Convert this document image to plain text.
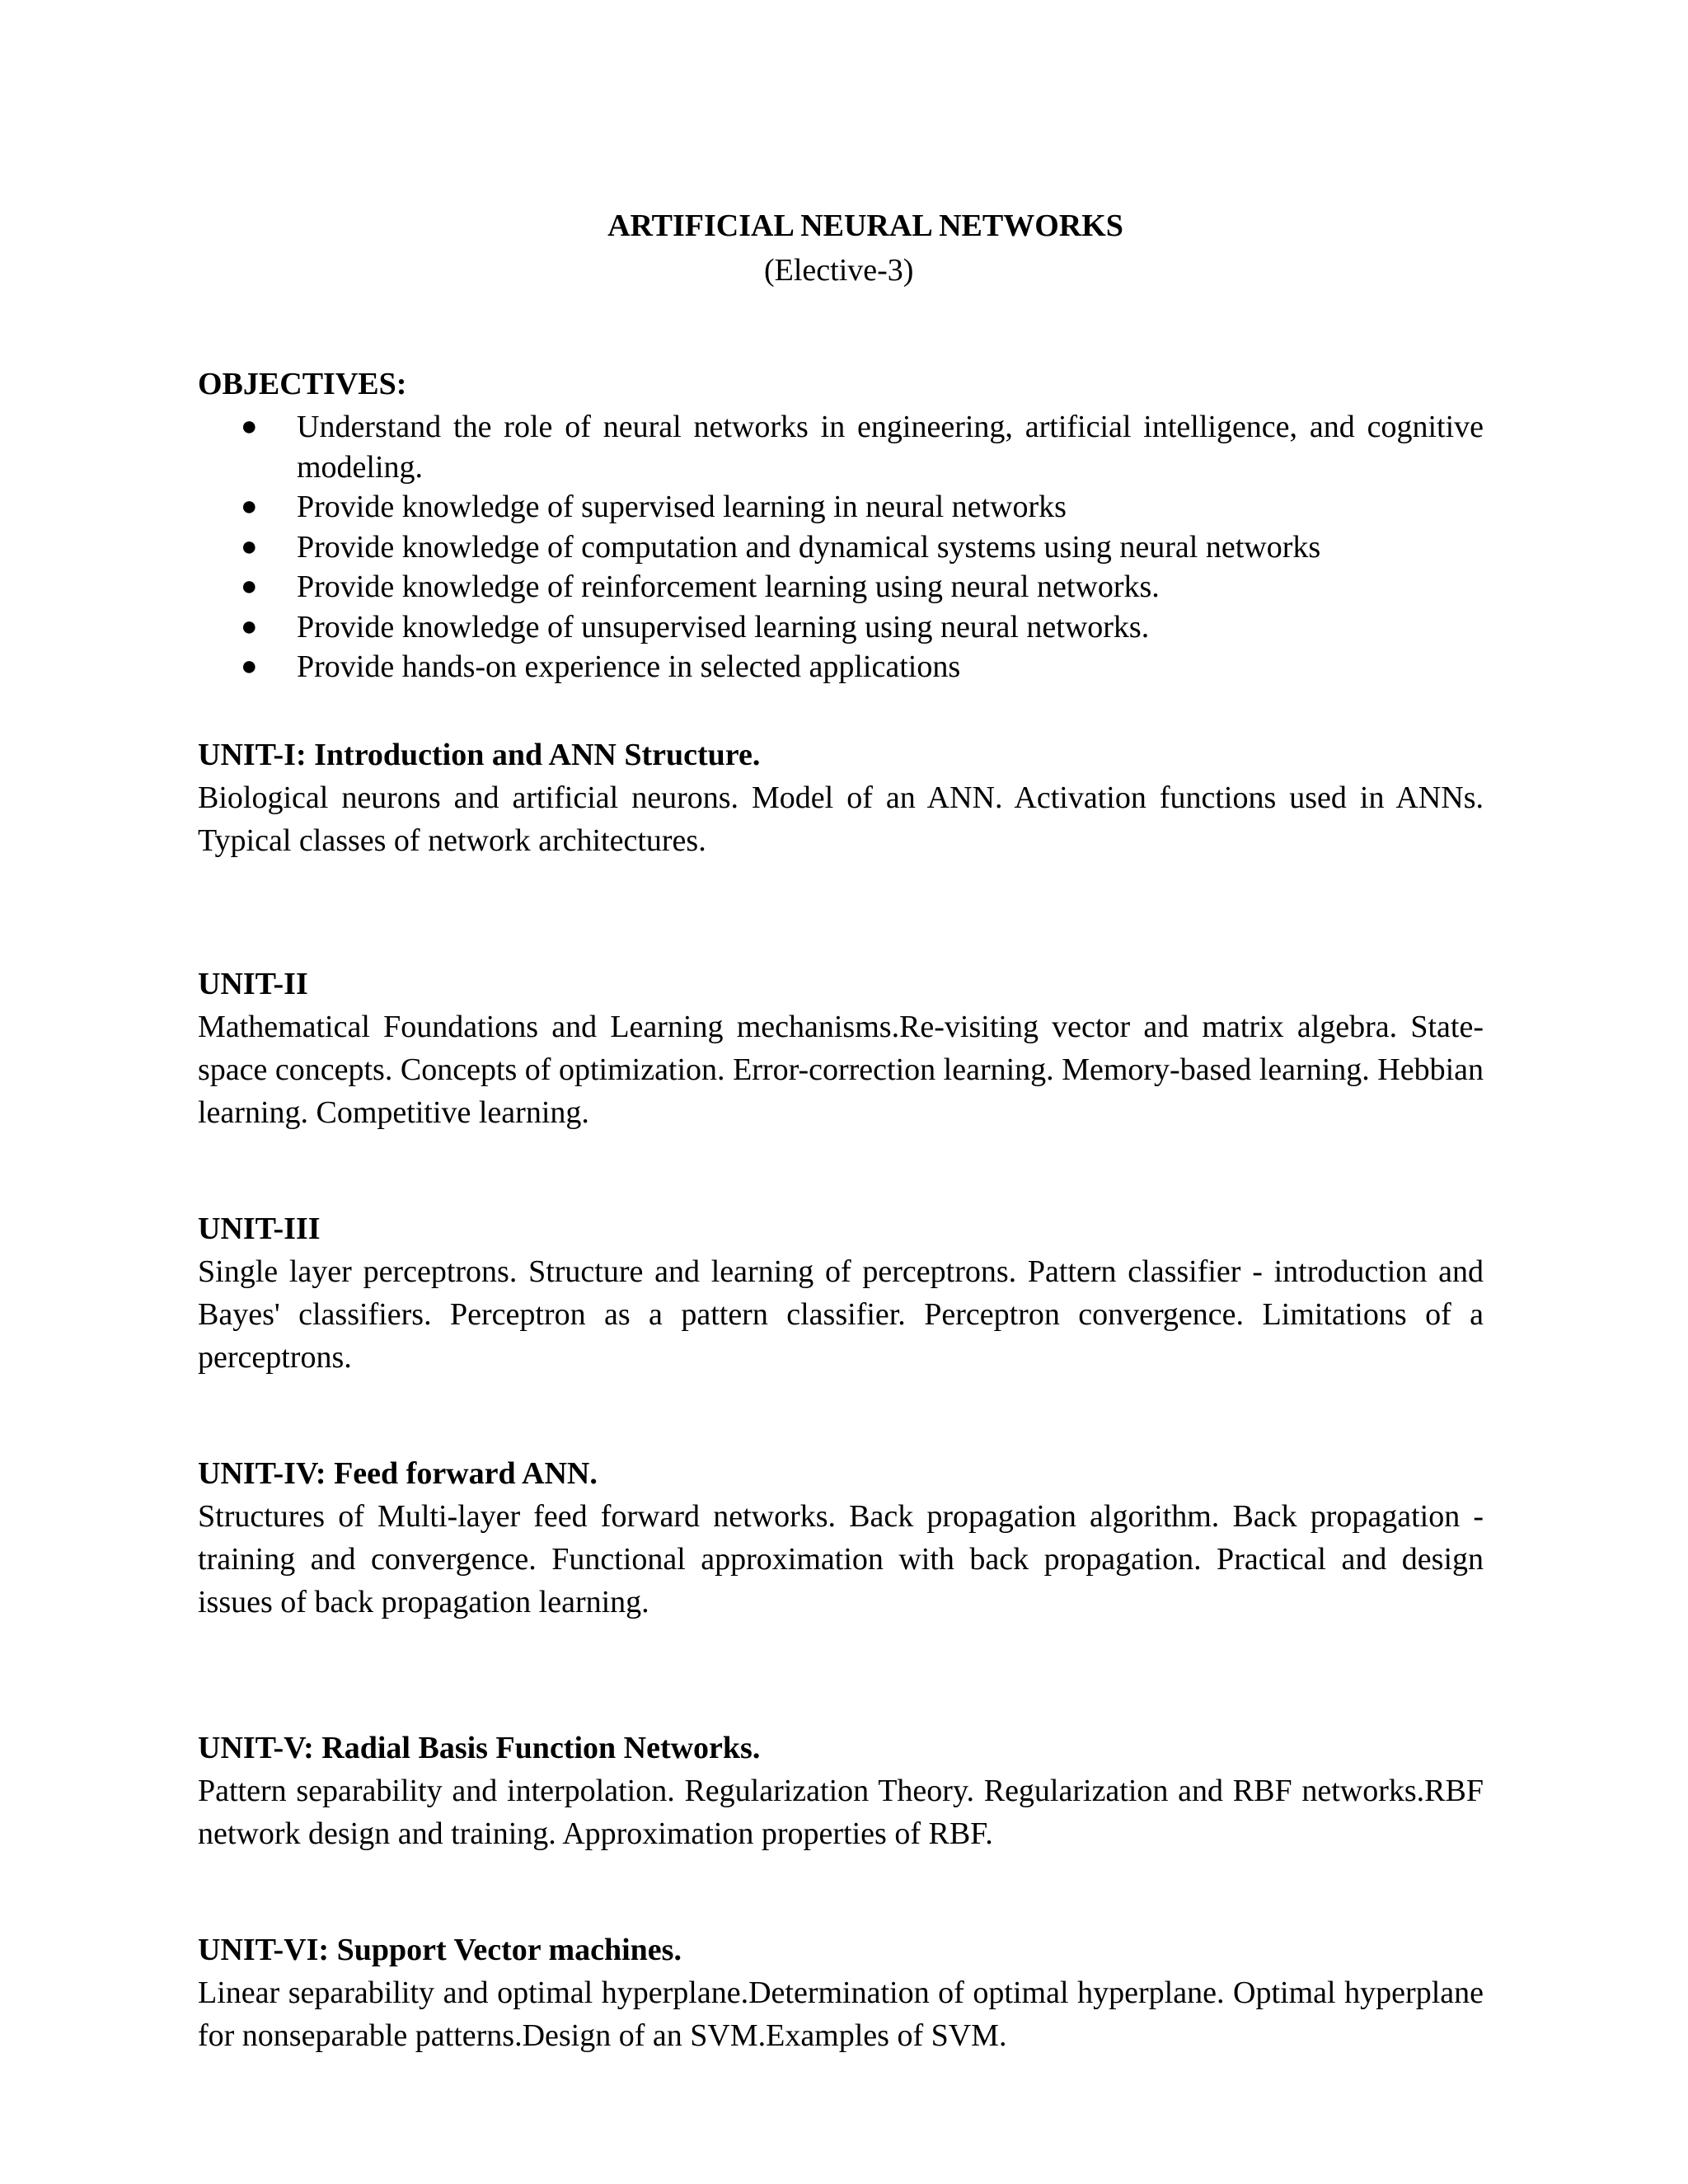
ARTIFICIAL NEURAL NETWORKS
(Elective-3)
OBJECTIVES:
● Understand the role of neural networks in engineering, artificial intelligence, and cognitive modeling.
● Provide knowledge of supervised learning in neural networks
● Provide knowledge of computation and dynamical systems using neural networks
● Provide knowledge of reinforcement learning using neural networks.
● Provide knowledge of unsupervised learning using neural networks.
● Provide hands-on experience in selected applications
UNIT-I: Introduction and ANN Structure.

Biological neurons and artificial neurons. Model of an ANN. Activation functions used in ANNs. Typical classes of network architectures.

UNIT-II

Mathematical Foundations and Learning mechanisms.Re-visiting vector and matrix algebra. State-space concepts. Concepts of optimization. Error-correction learning. Memory-based learning. Hebbian learning. Competitive learning.

UNIT-III

Single layer perceptrons. Structure and learning of perceptrons. Pattern classifier - introduction and Bayes' classifiers. Perceptron as a pattern classifier. Perceptron convergence. Limitations of a perceptrons.

UNIT-IV: Feed forward ANN.

Structures of Multi-layer feed forward networks. Back propagation algorithm. Back propagation - training and convergence. Functional approximation with back propagation. Practical and design issues of back propagation learning.

UNIT-V: Radial Basis Function Networks.

Pattern separability and interpolation. Regularization Theory. Regularization and RBF networks.RBF network design and training. Approximation properties of RBF.

UNIT-VI: Support Vector machines.

Linear separability and optimal hyperplane.Determination of optimal hyperplane. Optimal hyperplane for nonseparable patterns.Design of an SVM.Examples of SVM.
